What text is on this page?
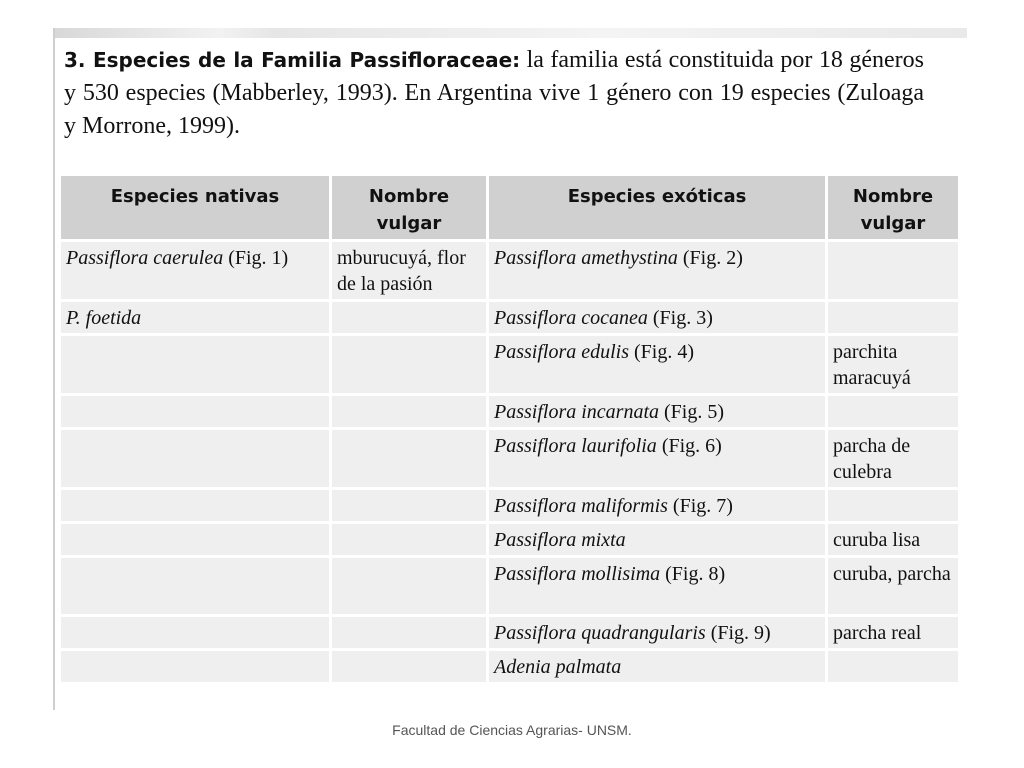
3. Especies de la Familia Passifloraceae: la familia está constituida por 18 géneros y 530 especies (Mabberley, 1993). En Argentina vive 1 género con 19 especies (Zuloaga y Morrone, 1999).

Especies nativas	Nombre vulgar	Especies exóticas	Nombre vulgar
Passiflora caerulea (Fig. 1)	mburucuyá, flor de la pasión	Passiflora amethystina (Fig. 2)	
P. foetida		Passiflora cocanea (Fig. 3)	
		Passiflora edulis (Fig. 4)	parchita maracuyá
		Passiflora incarnata (Fig. 5)	
		Passiflora laurifolia (Fig. 6)	parcha de culebra
		Passiflora maliformis (Fig. 7)	
		Passiflora mixta	curuba lisa
		Passiflora mollisima (Fig. 8)	curuba, parcha
		Passiflora quadrangularis (Fig. 9)	parcha real
		Adenia palmata	
Facultad de Ciencias Agrarias- UNSM.
